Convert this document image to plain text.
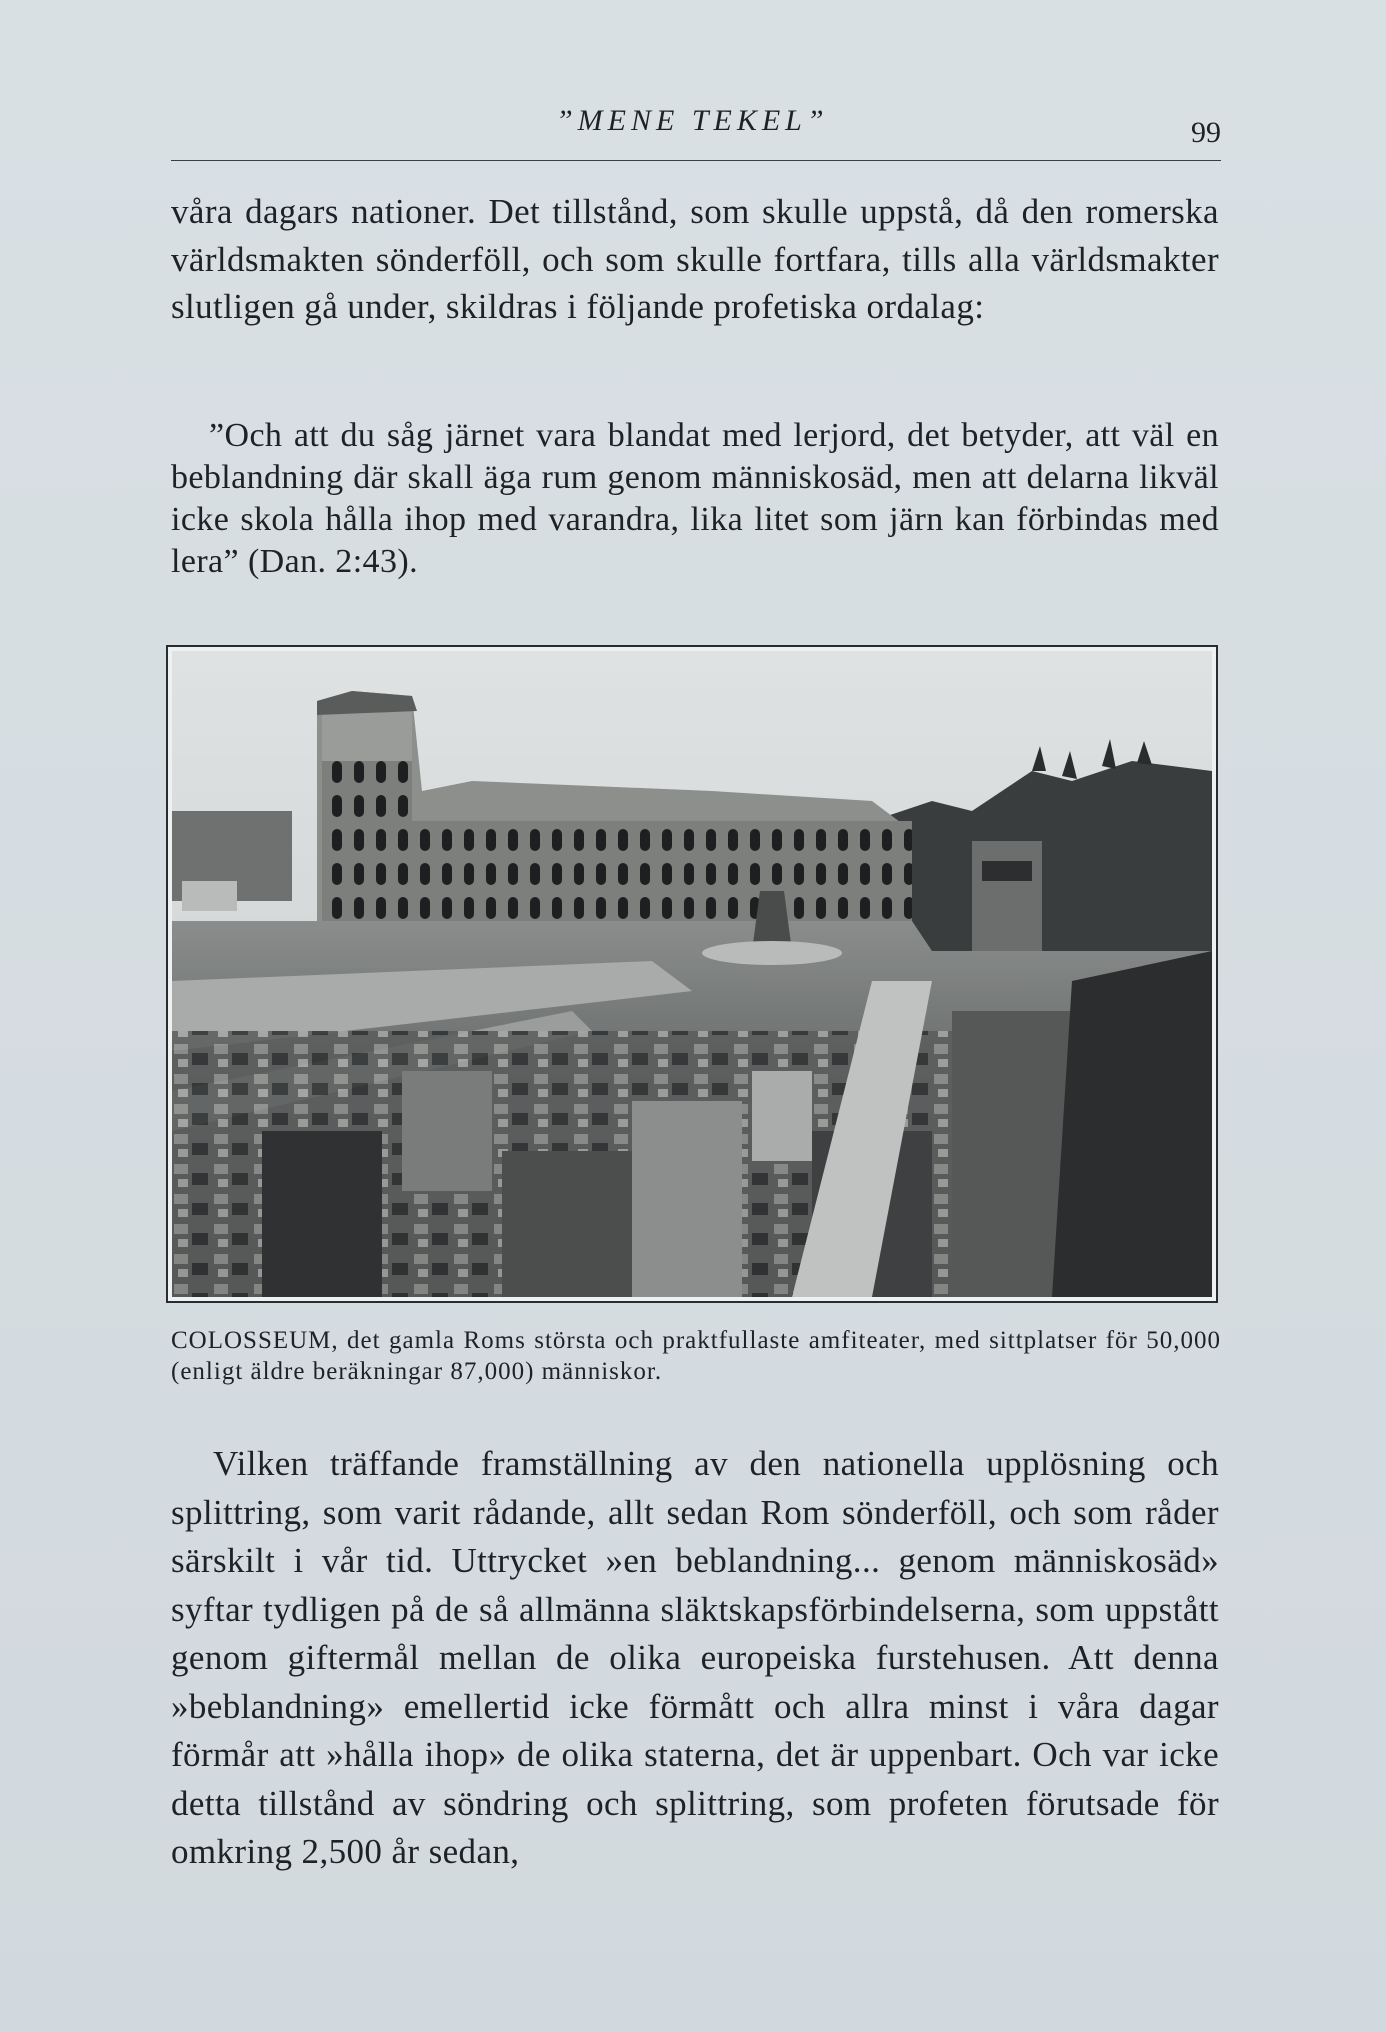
”MENE TEKEL”	99

våra dagars nationer. Det tillstånd, som skulle uppstå, då den romerska världsmakten sönderföll, och som skulle fortfara, tills alla världsmakter slutligen gå under, skildras i följande profetiska ordalag:

”Och att du såg järnet vara blandat med lerjord, det betyder, att väl en beblandning där skall äga rum genom människosäd, men att delarna likväl icke skola hålla ihop med varandra, lika litet som järn kan förbindas med lera” (Dan. 2:43).

COLOSSEUM, det gamla Roms största och praktfullaste amfiteater, med sittplatser för 50,000 (enligt äldre beräkningar 87,000) människor.

Vilken träffande framställning av den nationella upplösning och splittring, som varit rådande, allt sedan Rom sönderföll, och som råder särskilt i vår tid. Uttrycket »en beblandning... genom människosäd» syftar tydligen på de så allmänna släktskapsförbindelserna, som uppstått genom giftermål mellan de olika europeiska furstehusen. Att denna »beblandning» emellertid icke förmått och allra minst i våra dagar förmår att »hålla ihop» de olika staterna, det är uppenbart. Och var icke detta tillstånd av söndring och splittring, som profeten förutsade för omkring 2,500 år sedan,
